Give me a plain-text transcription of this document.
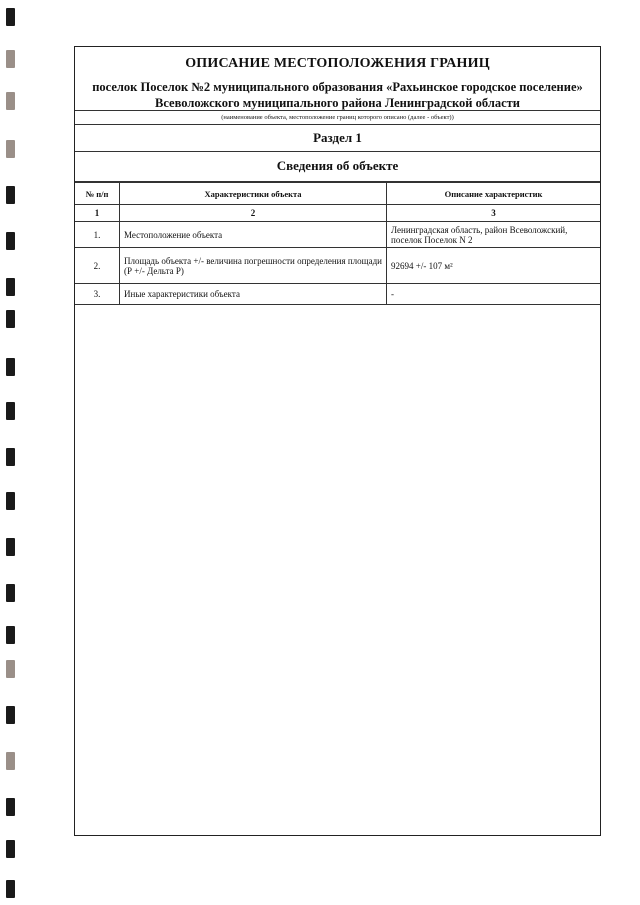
ОПИСАНИЕ МЕСТОПОЛОЖЕНИЯ ГРАНИЦ
поселок Поселок №2 муниципального образования «Рахьинское городское поселение» Всеволожского муниципального района Ленинградской области
(наименование объекта, местоположение границ которого описано (далее - объект))
Раздел 1
Сведения об объекте
№ п/п	Характеристики объекта	Описание характеристик
1	2	3
1.	Местоположение объекта	Ленинградская область, район Всеволожский, поселок Поселок N 2
2.	Площадь объекта +/- величина погрешности определения площади (Р +/- Дельта Р)	92694 +/- 107 м²
3.	Иные характеристики объекта	-
